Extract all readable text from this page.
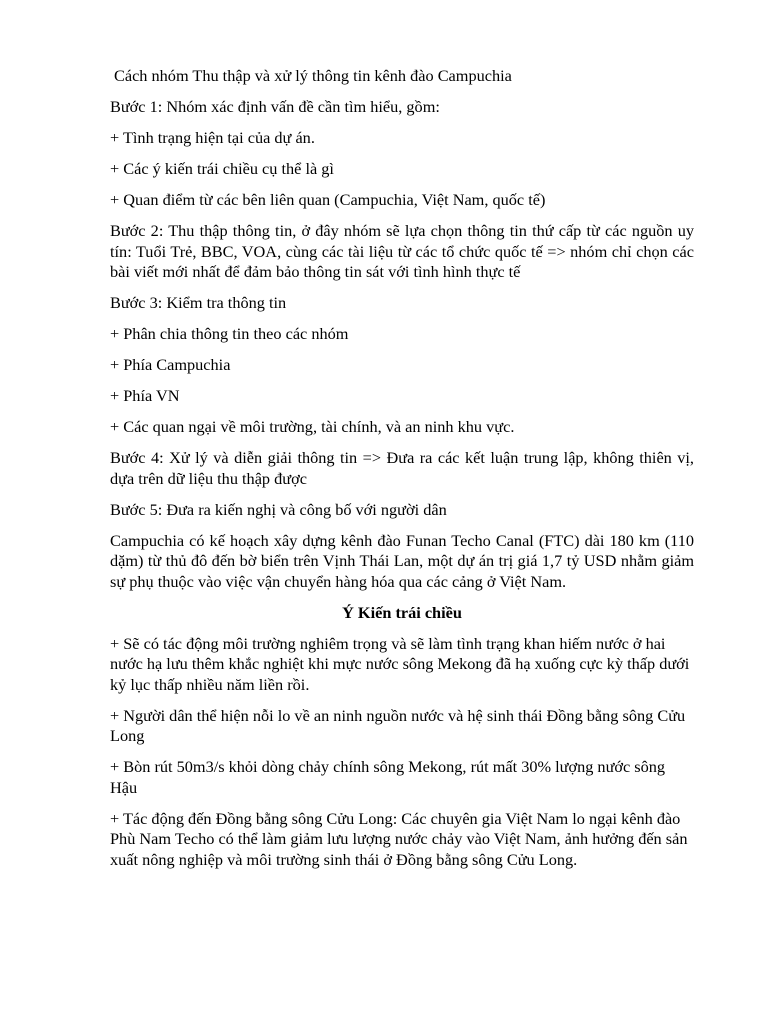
Cách nhóm Thu thập và xử lý thông tin kênh đào Campuchia

Bước 1: Nhóm xác định vấn đề cần tìm hiểu, gồm:

+ Tình trạng hiện tại của dự án.

+ Các ý kiến trái chiều cụ thể là gì

+ Quan điểm từ các bên liên quan (Campuchia, Việt Nam, quốc tế)

Bước 2: Thu thập thông tin, ở đây nhóm sẽ lựa chọn thông tin thứ cấp từ các nguồn uy tín: Tuổi Trẻ, BBC, VOA, cùng các tài liệu từ các tổ chức quốc tế => nhóm chỉ chọn các bài viết mới nhất để đảm bảo thông tin sát với tình hình thực tế

Bước 3: Kiểm tra thông tin

+ Phân chia thông tin theo các nhóm

+ Phía Campuchia

+ Phía VN

+ Các quan ngại về môi trường, tài chính, và an ninh khu vực.

Bước 4: Xử lý và diễn giải thông tin => Đưa ra các kết luận trung lập, không thiên vị, dựa trên dữ liệu thu thập được

Bước 5: Đưa ra kiến nghị và công bố với người dân

Campuchia có kế hoạch xây dựng kênh đào Funan Techo Canal (FTC) dài 180 km (110 dặm) từ thủ đô đến bờ biển trên Vịnh Thái Lan, một dự án trị giá 1,7 tỷ USD nhằm giảm sự phụ thuộc vào việc vận chuyển hàng hóa qua các cảng ở Việt Nam.

Ý Kiến trái chiều

+ Sẽ có tác động môi trường nghiêm trọng và sẽ làm tình trạng khan hiếm nước ở hai nước hạ lưu thêm khắc nghiệt khi mực nước sông Mekong đã hạ xuống cực kỳ thấp dưới kỷ lục thấp nhiều năm liền rồi.

+ Người dân thể hiện nỗi lo về an ninh nguồn nước và hệ sinh thái Đồng bằng sông Cửu Long

+ Bòn rút 50m3/s khỏi dòng chảy chính sông Mekong, rút mất 30% lượng nước sông Hậu

+ Tác động đến Đồng bằng sông Cửu Long: Các chuyên gia Việt Nam lo ngại kênh đào Phù Nam Techo có thể làm giảm lưu lượng nước chảy vào Việt Nam, ảnh hưởng đến sản xuất nông nghiệp và môi trường sinh thái ở Đồng bằng sông Cửu Long.
